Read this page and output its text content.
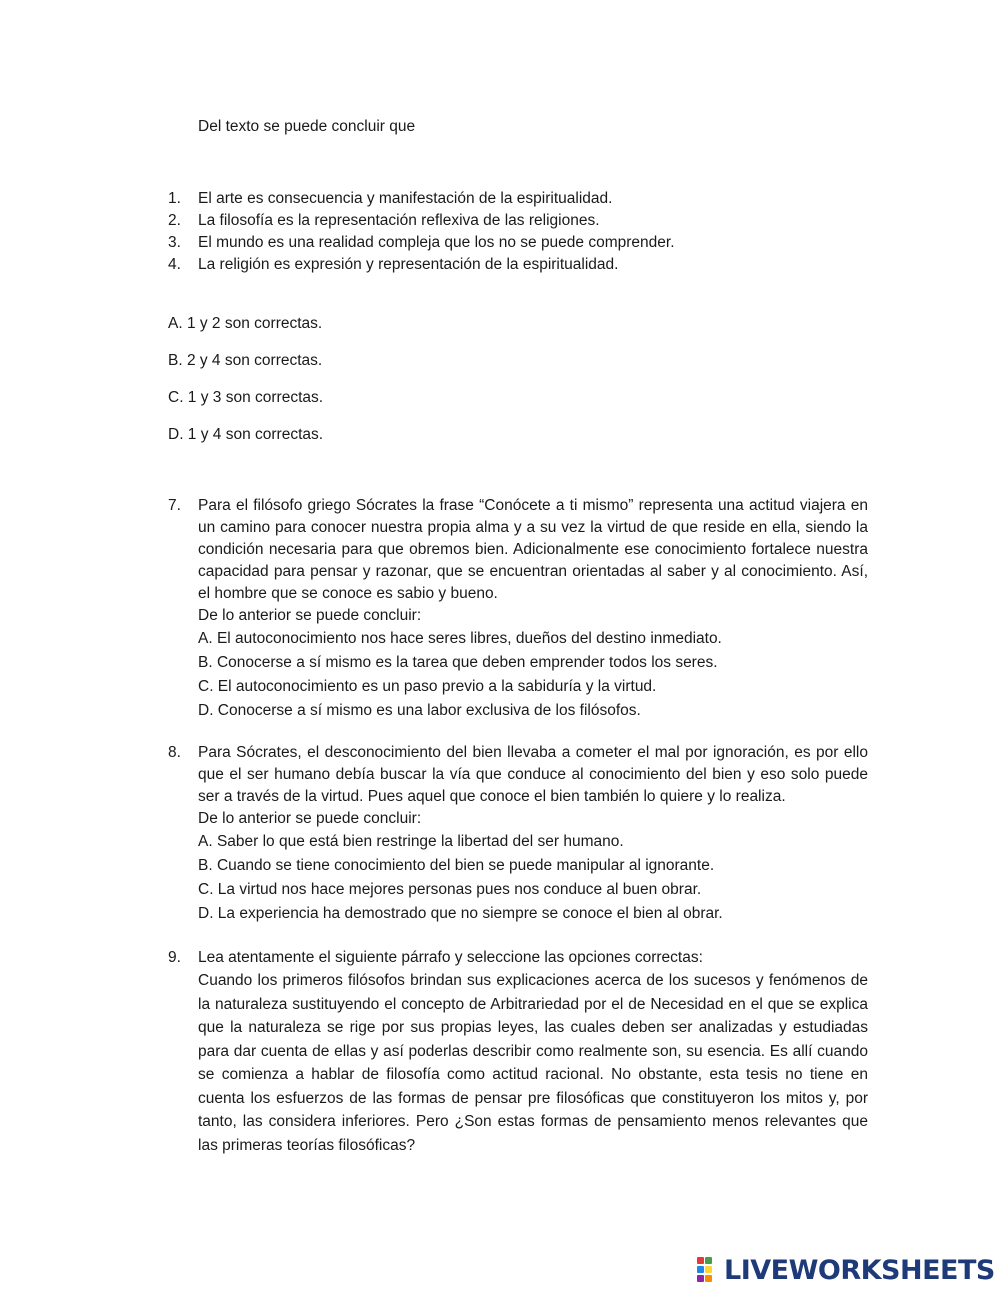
Del texto se puede concluir que
1.	El arte es consecuencia y manifestación de la espiritualidad.
2.	La filosofía es la representación reflexiva de las religiones.
3.	El mundo es una realidad compleja que los no se puede comprender.
4.	La religión es expresión y representación de la espiritualidad.
A. 1 y 2 son correctas.
B. 2 y 4 son correctas.
C. 1 y 3 son correctas.
D. 1 y 4 son correctas.
7.	Para el filósofo griego Sócrates la frase “Conócete a ti mismo” representa una actitud viajera en un camino para conocer nuestra propia alma y a su vez la virtud de que reside en ella, siendo la condición necesaria para que obremos bien. Adicionalmente ese conocimiento fortalece nuestra capacidad para pensar y razonar, que se encuentran orientadas al saber y al conocimiento. Así, el hombre que se conoce es sabio y bueno.
De lo anterior se puede concluir:
A. El autoconocimiento nos hace seres libres, dueños del destino inmediato.
B. Conocerse a sí mismo es la tarea que deben emprender todos los seres.
C. El autoconocimiento es un paso previo a la sabiduría y la virtud.
D. Conocerse a sí mismo es una labor exclusiva de los filósofos.
8.	Para Sócrates, el desconocimiento del bien llevaba a cometer el mal por ignoración, es por ello que el ser humano debía buscar la vía que conduce al conocimiento del bien y eso solo puede ser a través de la virtud. Pues aquel que conoce el bien también lo quiere y lo realiza.
De lo anterior se puede concluir:
A. Saber lo que está bien restringe la libertad del ser humano.
B. Cuando se tiene conocimiento del bien se puede manipular al ignorante.
C. La virtud nos hace mejores personas pues nos conduce al buen obrar.
D. La experiencia ha demostrado que no siempre se conoce el bien al obrar.
9.	Lea atentamente el siguiente párrafo y seleccione las opciones correctas:
Cuando los primeros filósofos brindan sus explicaciones acerca de los sucesos y fenómenos de la naturaleza sustituyendo el concepto de Arbitrariedad por el de Necesidad en el que se explica que la naturaleza se rige por sus propias leyes, las cuales deben ser analizadas y estudiadas para dar cuenta de ellas y así poderlas describir como realmente son, su esencia. Es allí cuando se comienza a hablar de filosofía como actitud racional. No obstante, esta tesis no tiene en cuenta los esfuerzos de las formas de pensar pre filosóficas que constituyeron los mitos y, por tanto, las considera inferiores. Pero ¿Son estas formas de pensamiento menos relevantes que las primeras teorías filosóficas?
LIVEWORKSHEETS
